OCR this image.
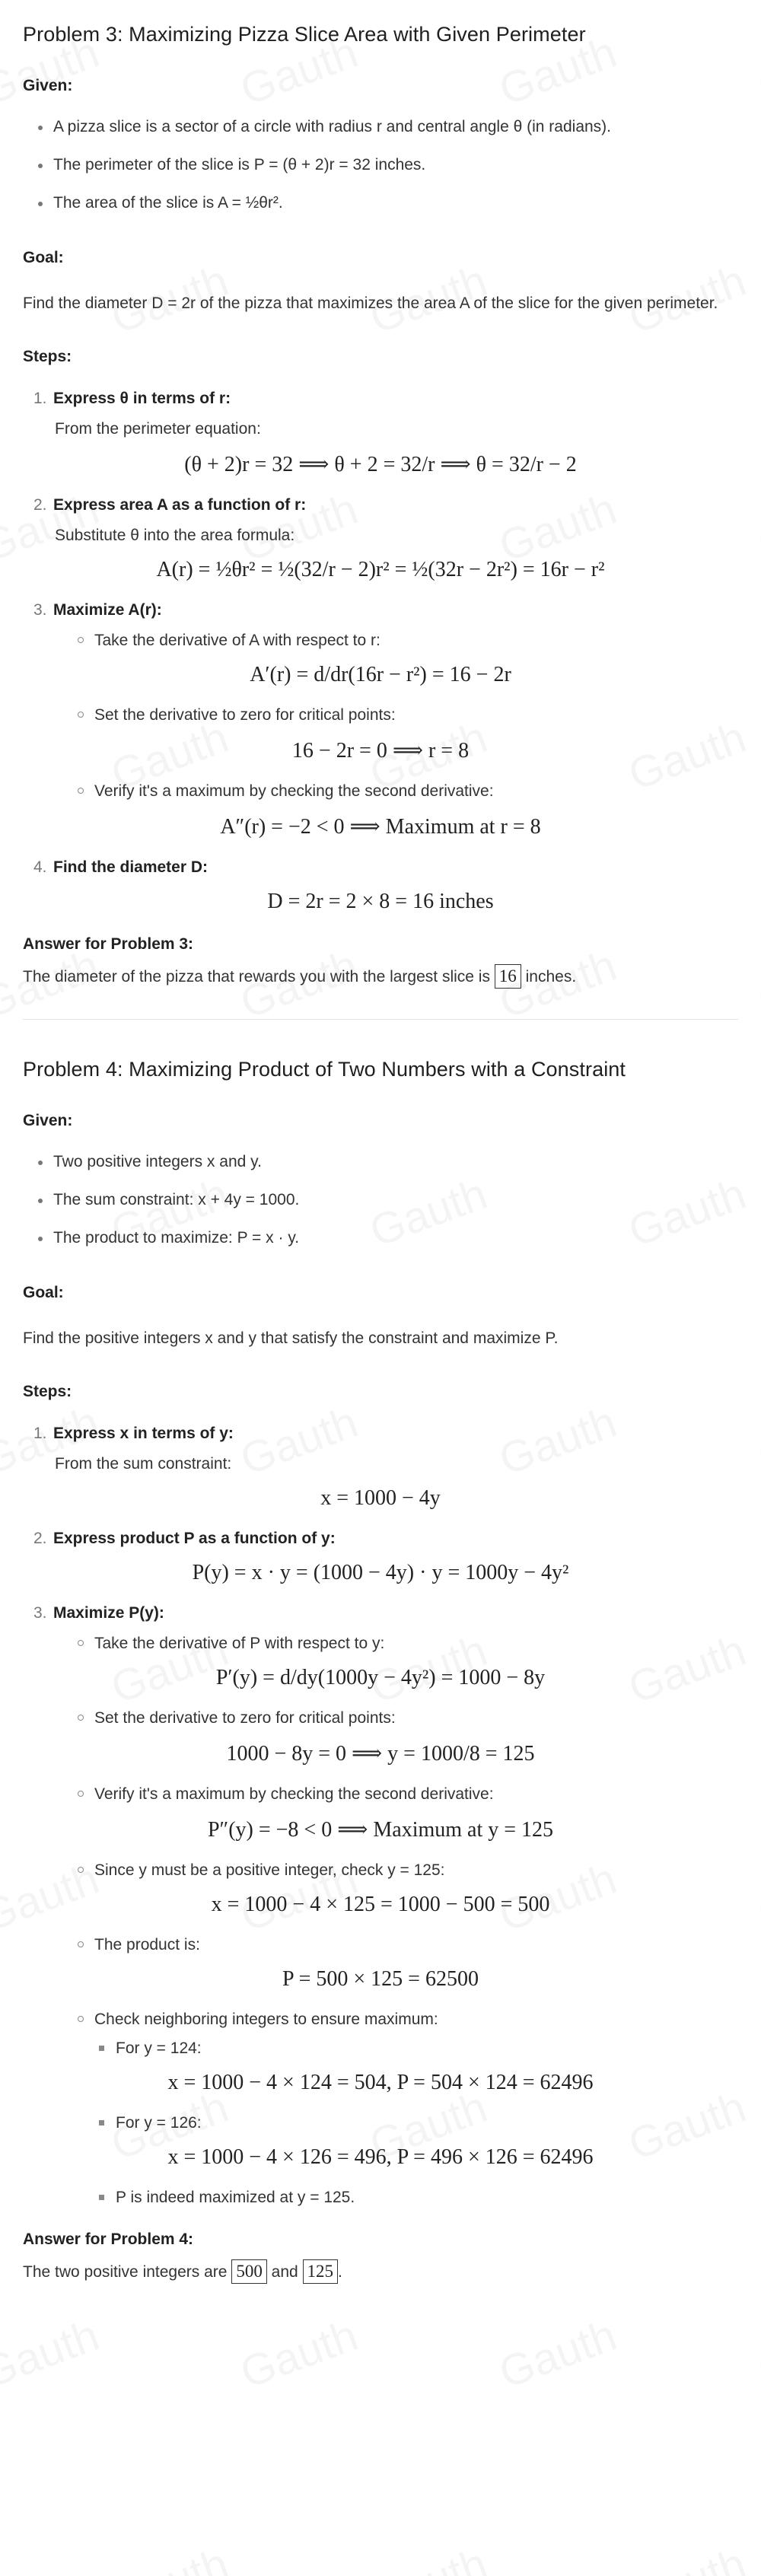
Problem 3: Maximizing Pizza Slice Area with Given Perimeter
Given:
A pizza slice is a sector of a circle with radius r and central angle θ (in radians).
The perimeter of the slice is P = (θ + 2)r = 32 inches.
The area of the slice is A = ½θr².
Goal:
Find the diameter D = 2r of the pizza that maximizes the area A of the slice for the given perimeter.
Steps:
1. Express θ in terms of r:
From the perimeter equation:
(θ + 2)r = 32 ⟹ θ + 2 = 32/r ⟹ θ = 32/r − 2
2. Express area A as a function of r:
Substitute θ into the area formula:
A(r) = ½θr² = ½(32/r − 2)r² = ½(32r − 2r²) = 16r − r²
3. Maximize A(r):
Take the derivative of A with respect to r:
A′(r) = d/dr(16r − r²) = 16 − 2r
Set the derivative to zero for critical points:
16 − 2r = 0 ⟹ r = 8
Verify it's a maximum by checking the second derivative:
A″(r) = −2 < 0 ⟹ Maximum at r = 8
4. Find the diameter D:
D = 2r = 2 × 8 = 16 inches
Answer for Problem 3:
The diameter of the pizza that rewards you with the largest slice is 16 inches.
Problem 4: Maximizing Product of Two Numbers with a Constraint
Given:
Two positive integers x and y.
The sum constraint: x + 4y = 1000.
The product to maximize: P = x · y.
Goal:
Find the positive integers x and y that satisfy the constraint and maximize P.
Steps:
1. Express x in terms of y:
From the sum constraint:
x = 1000 − 4y
2. Express product P as a function of y:
P(y) = x · y = (1000 − 4y) · y = 1000y − 4y²
3. Maximize P(y):
Take the derivative of P with respect to y:
P′(y) = d/dy(1000y − 4y²) = 1000 − 8y
Set the derivative to zero for critical points:
1000 − 8y = 0 ⟹ y = 1000/8 = 125
Verify it's a maximum by checking the second derivative:
P″(y) = −8 < 0 ⟹ Maximum at y = 125
Since y must be a positive integer, check y = 125:
x = 1000 − 4 × 125 = 1000 − 500 = 500
The product is:
P = 500 × 125 = 62500
Check neighboring integers to ensure maximum:
For y = 124:
x = 1000 − 4 × 124 = 504, P = 504 × 124 = 62496
For y = 126:
x = 1000 − 4 × 126 = 496, P = 496 × 126 = 62496
P is indeed maximized at y = 125.
Answer for Problem 4:
The two positive integers are 500 and 125 .
